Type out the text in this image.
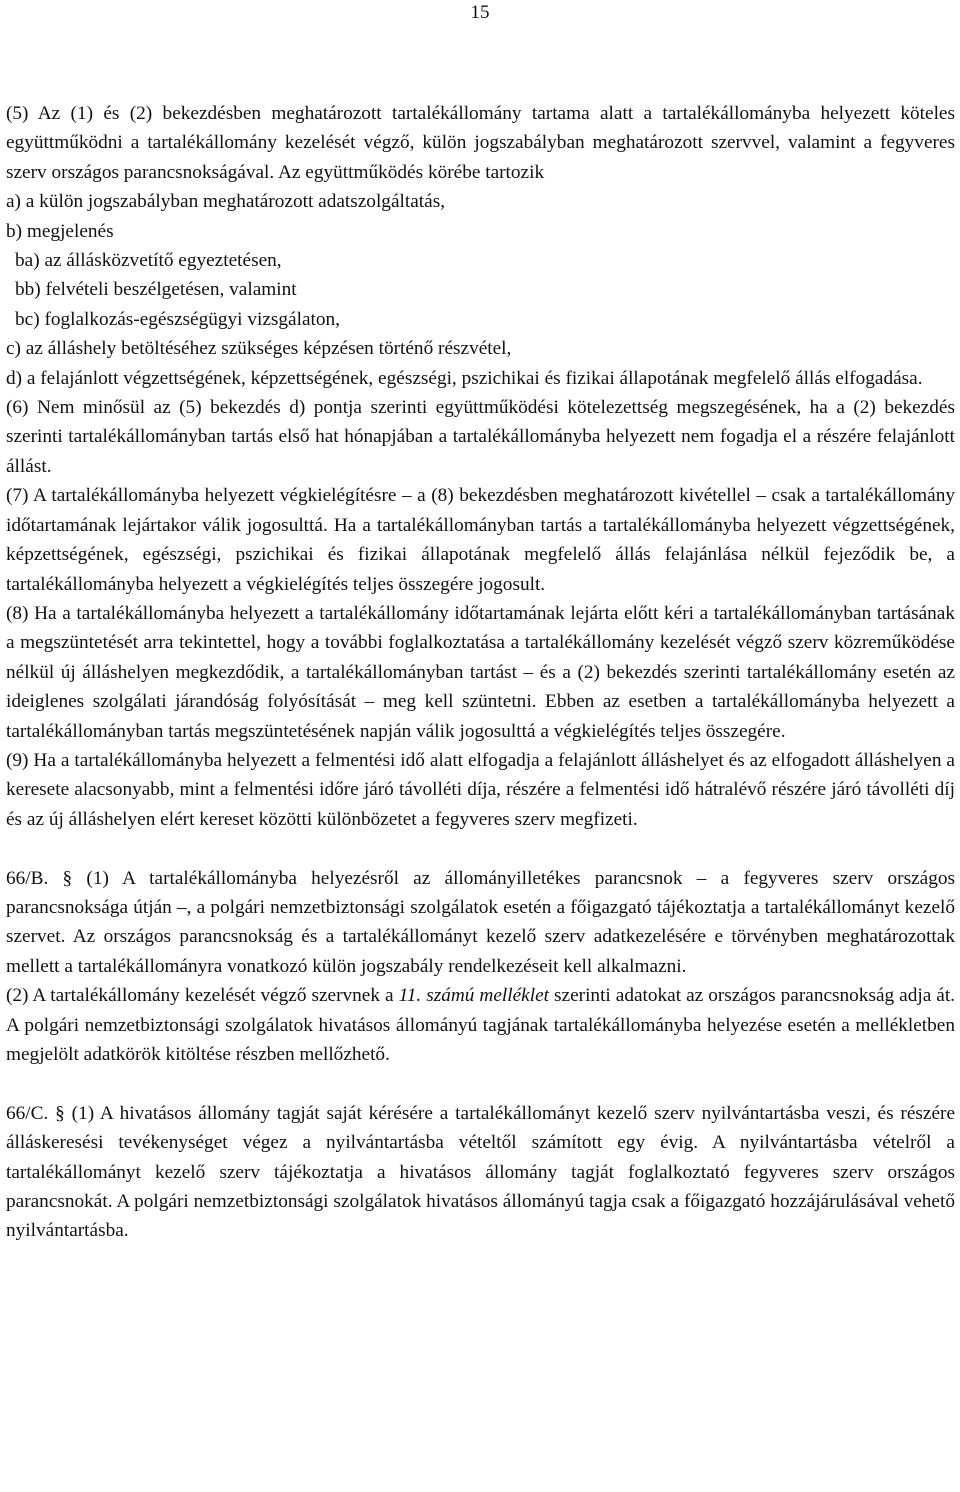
15

(5) Az (1) és (2) bekezdésben meghatározott tartalékállomány tartama alatt a tartalékállományba helyezett köteles együttműködni a tartalékállomány kezelését végző, külön jogszabályban meghatározott szervvel, valamint a fegyveres szerv országos parancsnokságával. Az együttműködés körébe tartozik

a) a külön jogszabályban meghatározott adatszolgáltatás,

b) megjelenés

ba) az állásközvetítő egyeztetésen,

bb) felvételi beszélgetésen, valamint

bc) foglalkozás-egészségügyi vizsgálaton,

c) az álláshely betöltéséhez szükséges képzésen történő részvétel,

d) a felajánlott végzettségének, képzettségének, egészségi, pszichikai és fizikai állapotának megfelelő állás elfogadása.

(6) Nem minősül az (5) bekezdés d) pontja szerinti együttműködési kötelezettség megszegésének, ha a (2) bekezdés szerinti tartalékállományban tartás első hat hónapjában a tartalékállományba helyezett nem fogadja el a részére felajánlott állást.

(7) A tartalékállományba helyezett végkielégítésre – a (8) bekezdésben meghatározott kivétellel – csak a tartalékállomány időtartamának lejártakor válik jogosulttá. Ha a tartalékállományban tartás a tartalékállományba helyezett végzettségének, képzettségének, egészségi, pszichikai és fizikai állapotának megfelelő állás felajánlása nélkül fejeződik be, a tartalékállományba helyezett a végkielégítés teljes összegére jogosult.

(8) Ha a tartalékállományba helyezett a tartalékállomány időtartamának lejárta előtt kéri a tartalékállományban tartásának a megszüntetését arra tekintettel, hogy a további foglalkoztatása a tartalékállomány kezelését végző szerv közreműködése nélkül új álláshelyen megkezdődik, a tartalékállományban tartást – és a (2) bekezdés szerinti tartalékállomány esetén az ideiglenes szolgálati járandóság folyósítását – meg kell szüntetni. Ebben az esetben a tartalékállományba helyezett a tartalékállományban tartás megszüntetésének napján válik jogosulttá a végkielégítés teljes összegére.

(9) Ha a tartalékállományba helyezett a felmentési idő alatt elfogadja a felajánlott álláshelyet és az elfogadott álláshelyen a keresete alacsonyabb, mint a felmentési időre járó távolléti díja, részére a felmentési idő hátralévő részére járó távolléti díj és az új álláshelyen elért kereset közötti különbözetet a fegyveres szerv megfizeti.

66/B. § (1) A tartalékállományba helyezésről az állományilletékes parancsnok – a fegyveres szerv országos parancsnoksága útján –, a polgári nemzetbiztonsági szolgálatok esetén a főigazgató tájékoztatja a tartalékállományt kezelő szervet. Az országos parancsnokság és a tartalékállományt kezelő szerv adatkezelésére e törvényben meghatározottak mellett a tartalékállományra vonatkozó külön jogszabály rendelkezéseit kell alkalmazni.

(2) A tartalékállomány kezelését végző szervnek a 11. számú melléklet szerinti adatokat az országos parancsnokság adja át. A polgári nemzetbiztonsági szolgálatok hivatásos állományú tagjának tartalékállományba helyezése esetén a mellékletben megjelölt adatkörök kitöltése részben mellőzhető.

66/C. § (1) A hivatásos állomány tagját saját kérésére a tartalékállományt kezelő szerv nyilvántartásba veszi, és részére álláskeresési tevékenységet végez a nyilvántartásba vételtől számított egy évig. A nyilvántartásba vételről a tartalékállományt kezelő szerv tájékoztatja a hivatásos állomány tagját foglalkoztató fegyveres szerv országos parancsnokát. A polgári nemzetbiztonsági szolgálatok hivatásos állományú tagja csak a főigazgató hozzájárulásával vehető nyilvántartásba.
